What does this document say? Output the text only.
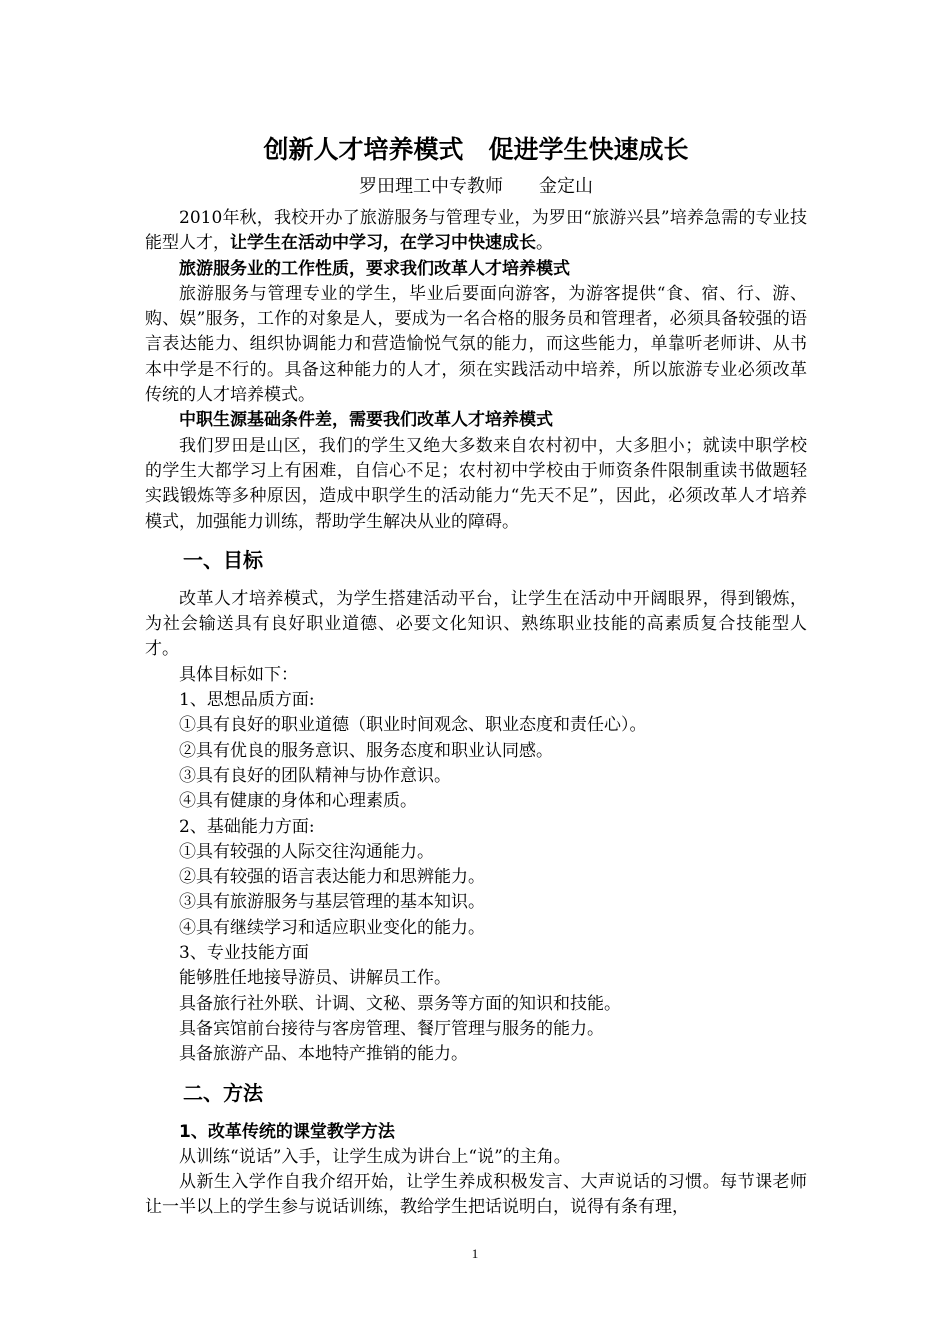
创新人才培养模式　促进学生快速成长
罗田理工中专教师　　金定山

2010年秋，我校开办了旅游服务与管理专业，为罗田“旅游兴县”培养急需的专业技能型人才，让学生在活动中学习，在学习中快速成长。

旅游服务业的工作性质，要求我们改革人才培养模式

旅游服务与管理专业的学生，毕业后要面向游客，为游客提供“食、宿、行、游、购、娱”服务，工作的对象是人，要成为一名合格的服务员和管理者，必须具备较强的语言表达能力、组织协调能力和营造愉悦气氛的能力，而这些能力，单靠听老师讲、从书本中学是不行的。具备这种能力的人才，须在实践活动中培养，所以旅游专业必须改革传统的人才培养模式。

中职生源基础条件差，需要我们改革人才培养模式

我们罗田是山区，我们的学生又绝大多数来自农村初中，大多胆小；就读中职学校的学生大都学习上有困难，自信心不足；农村初中学校由于师资条件限制重读书做题轻实践锻炼等多种原因，造成中职学生的活动能力“先天不足”，因此，必须改革人才培养模式，加强能力训练，帮助学生解决从业的障碍。

一、目标

改革人才培养模式，为学生搭建活动平台，让学生在活动中开阔眼界，得到锻炼，为社会输送具有良好职业道德、必要文化知识、熟练职业技能的高素质复合技能型人才。

具体目标如下：

1、思想品质方面:

①具有良好的职业道德（职业时间观念、职业态度和责任心）。

②具有优良的服务意识、服务态度和职业认同感。

③具有良好的团队精神与协作意识。

④具有健康的身体和心理素质。

2、基础能力方面:

①具有较强的人际交往沟通能力。

②具有较强的语言表达能力和思辨能力。

③具有旅游服务与基层管理的基本知识。

④具有继续学习和适应职业变化的能力。

3、专业技能方面

能够胜任地接导游员、讲解员工作。

具备旅行社外联、计调、文秘、票务等方面的知识和技能。

具备宾馆前台接待与客房管理、餐厅管理与服务的能力。

具备旅游产品、本地特产推销的能力。

二、方法

1、改革传统的课堂教学方法

从训练“说话”入手，让学生成为讲台上“说”的主角。

从新生入学作自我介绍开始，让学生养成积极发言、大声说话的习惯。每节课老师让一半以上的学生参与说话训练，教给学生把话说明白，说得有条有理，

1
